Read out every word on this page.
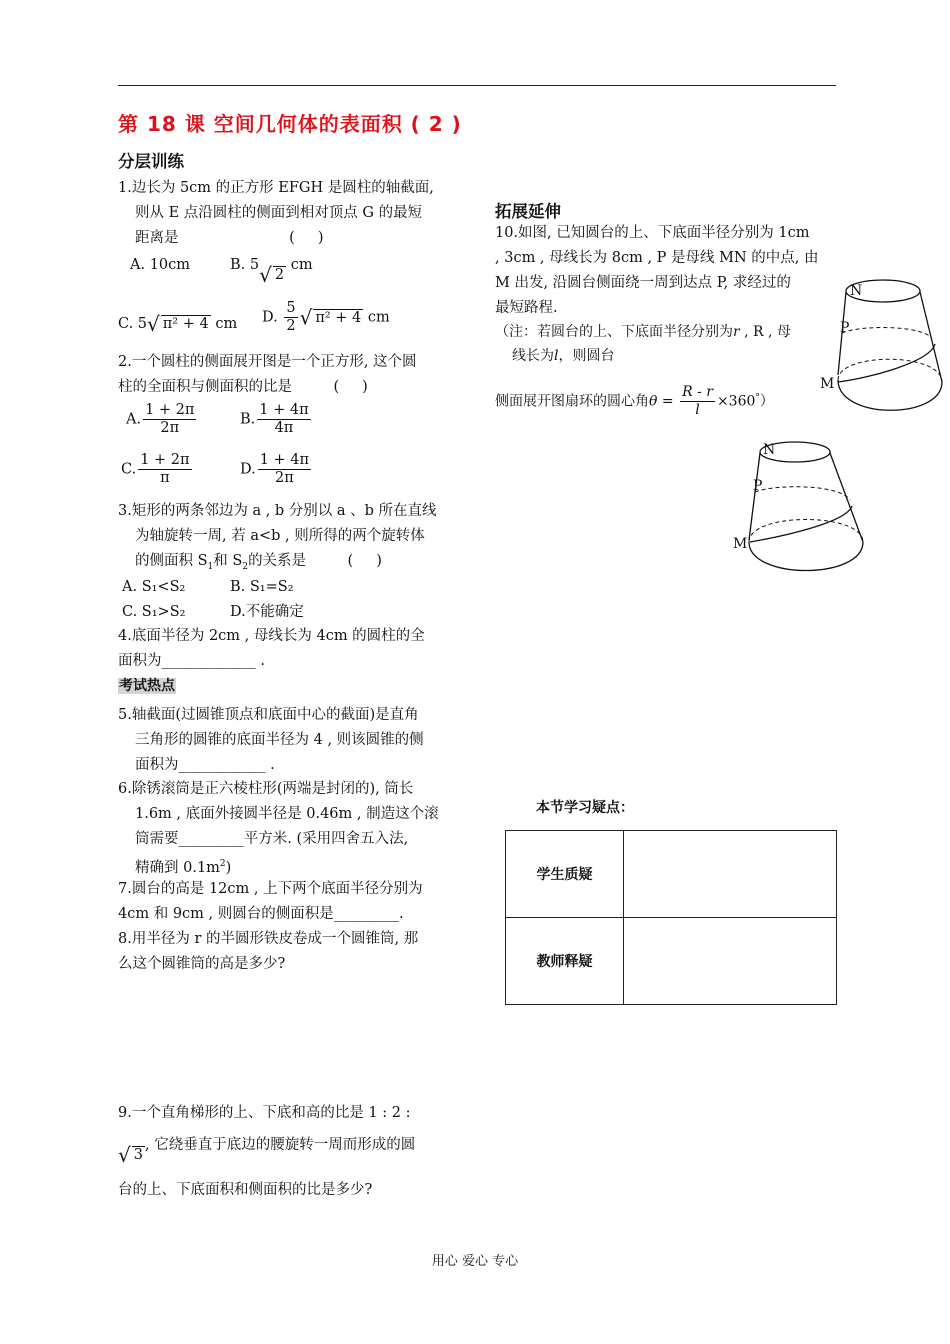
第 18 课 空间几何体的表面积 ( 2 )
分层训练
1.边长为 5cm 的正方形 EFGH 是圆柱的轴截面,
则从 E 点沿圆柱的侧面到相对顶点 G 的最短
距离是                        (     )
A. 10cm	B. 5√ 2 cm
C. 5√ π² + 4 cm D. $\frac{5}{2}$ √ π² + 4 cm
2.一个圆柱的侧面展开图是一个正方形, 这个圆
柱的全面积与侧面积的比是         (     )
A. $\frac{1 + 2\pi}{2\pi}$	B. $\frac{1 + 4\pi}{4\pi}$
C. $\frac{1 + 2\pi}{\pi}$	D. $\frac{1 + 4\pi}{2\pi}$
3.矩形的两条邻边为 a , b 分别以 a 、b 所在直线
为轴旋转一周, 若 a<b , 则所得的两个旋转体
的侧面积 $S_1$和 $S_2$的关系是         (     )
A. S₁<S₂	B. S₁=S₂
C. S₁>S₂	D.不能确定
4.底面半径为 2cm , 母线长为 4cm 的圆柱的全
面积为_____________ .
考试热点
5.轴截面(过圆锥顶点和底面中心的截面)是直角
三角形的圆锥的底面半径为 4 , 则该圆锥的侧
面积为____________ .
6.除锈滚筒是正六棱柱形(两端是封闭的), 筒长
1.6m , 底面外接圆半径是 0.46m , 制造这个滚
筒需要_________平方米. (采用四舍五入法,
精确到 $0.1m^2$)
7.圆台的高是 12cm , 上下两个底面半径分别为
4cm 和 9cm , 则圆台的侧面积是_________.
8.用半径为 r 的半圆形铁皮卷成一个圆锥筒, 那
么这个圆锥筒的高是多少?
9.一个直角梯形的上、下底和高的比是 1 : 2 :
√ 3, 它绕垂直于底边的腰旋转一周而形成的圆
台的上、下底面积和侧面积的比是多少?
拓展延伸
10.如图, 已知圆台的上、下底面半径分别为 1cm
, 3cm , 母线长为 8cm , P 是母线 MN 的中点, 由
M 出发, 沿圆台侧面绕一周到达点 P, 求经过的
最短路程.
（注：若圆台的上、下底面半径分别为r , R , 母
线长为l，则圆台
侧面展开图扇环的圆心角$\theta = \frac{R - r}{l} \times 360^\circ$）
N
P
M
N
P
M
本节学习疑点：
学生质疑
教师释疑
用心 爱心 专心
